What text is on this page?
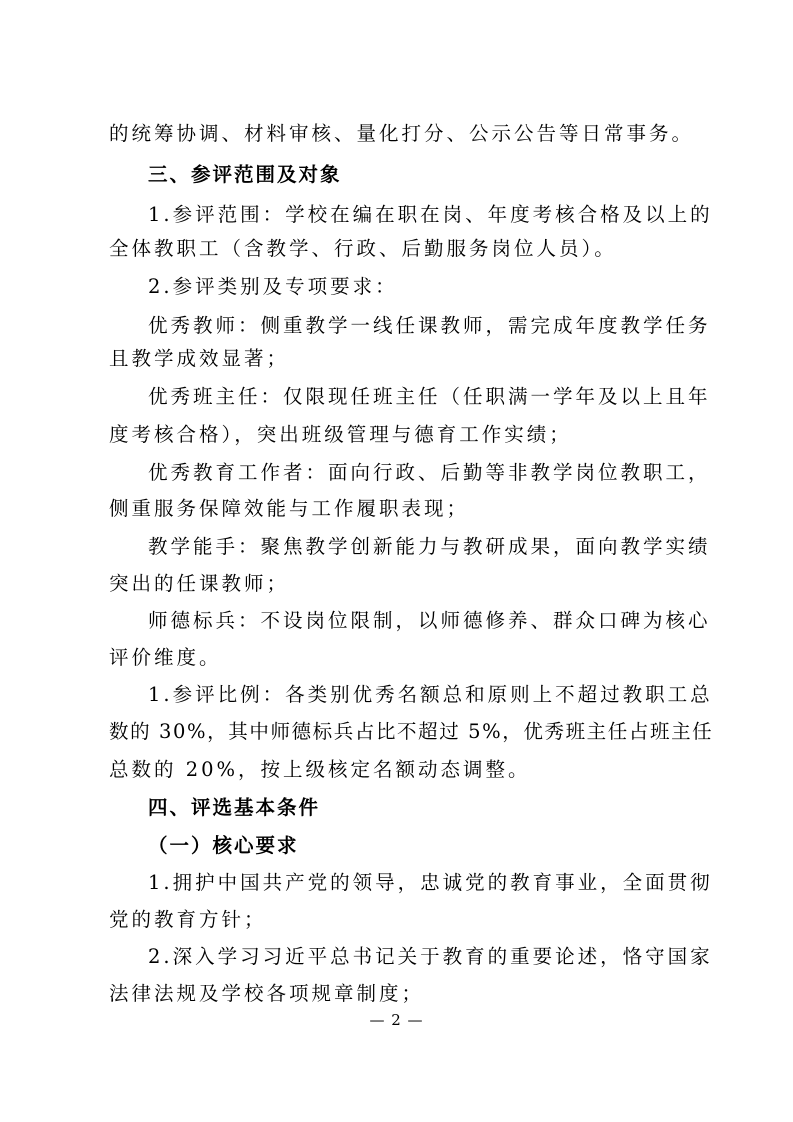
的统筹协调、材料审核、量化打分、公示公告等日常事务。
三、参评范围及对象
1.参评范围：学校在编在职在岗、年度考核合格及以上的
全体教职工（含教学、行政、后勤服务岗位人员）。
2.参评类别及专项要求：
优秀教师：侧重教学一线任课教师，需完成年度教学任务
且教学成效显著；
优秀班主任：仅限现任班主任（任职满一学年及以上且年
度考核合格），突出班级管理与德育工作实绩；
优秀教育工作者：面向行政、后勤等非教学岗位教职工，
侧重服务保障效能与工作履职表现；
教学能手：聚焦教学创新能力与教研成果，面向教学实绩
突出的任课教师；
师德标兵：不设岗位限制，以师德修养、群众口碑为核心
评价维度。
1.参评比例：各类别优秀名额总和原则上不超过教职工总
数的 30%，其中师德标兵占比不超过 5%，优秀班主任占班主任
总数的 20%，按上级核定名额动态调整。
四、评选基本条件
（一）核心要求
1.拥护中国共产党的领导，忠诚党的教育事业，全面贯彻
党的教育方针；
2.深入学习习近平总书记关于教育的重要论述，恪守国家
法律法规及学校各项规章制度；
— 2 —
